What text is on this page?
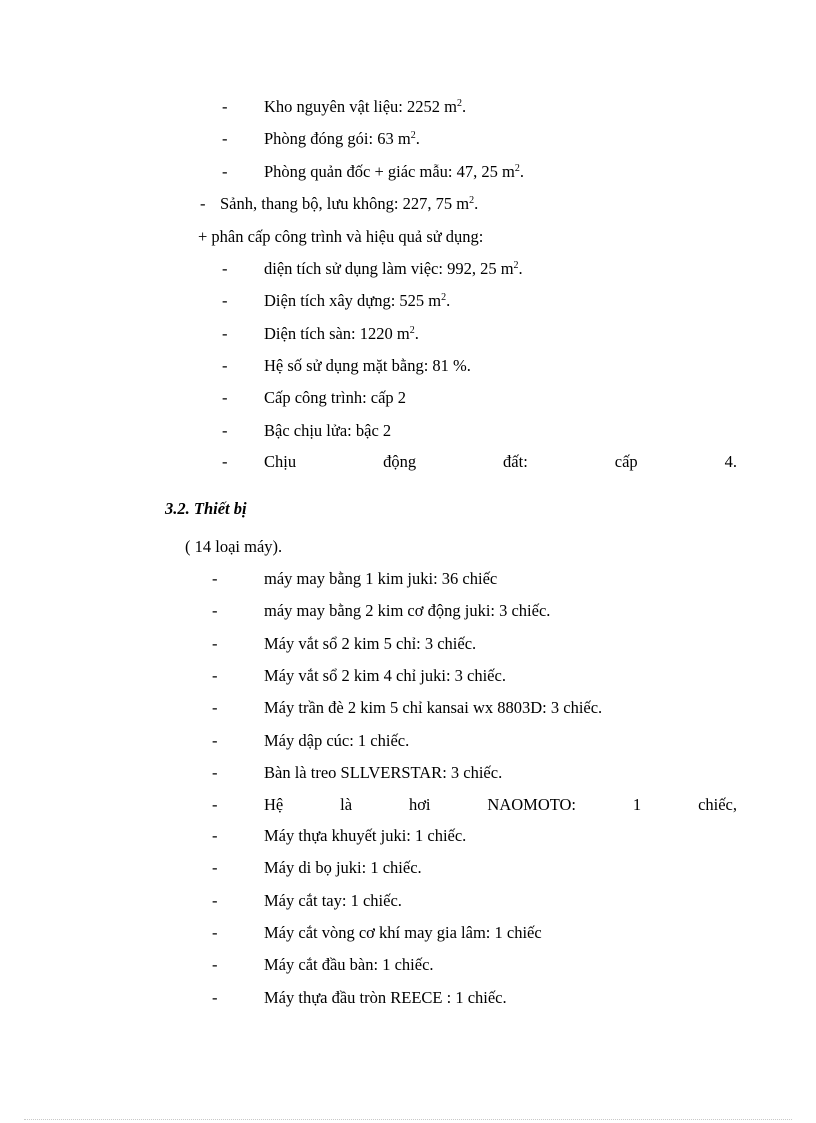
- Kho nguyên vật liệu: 2252 $m^2$.
- Phòng đóng gói: 63 $m^2$.
- Phòng quản đốc + giác mẫu: 47, 25 $m^2$.
- Sảnh, thang bộ, lưu không: 227, 75 $m^2$.
+ phân cấp công trình và hiệu quả sử dụng:
- diện tích sử dụng làm việc: 992, 25 $m^2$.
- Diện tích xây dựng: 525 $m^2$.
- Diện tích sàn: 1220 $m^2$.
- Hệ số sử dụng mặt bằng: 81 %.
- Cấp công trình: cấp 2
- Bậc chịu lửa: bậc 2
- Chịu	động	đất:	cấp	4.
3.2. Thiết bị
( 14 loại máy).
-	máy may bằng 1 kim juki: 36 chiếc
-	máy may bằng 2 kim cơ động juki: 3 chiếc.
-	Máy vắt sổ 2 kim 5 chỉ: 3 chiếc.
-	Máy vắt sổ 2 kim 4 chỉ juki: 3 chiếc.
-	Máy trần đè 2 kim 5 chỉ kansai wx 8803D: 3 chiếc.
-	Máy dập cúc: 1 chiếc.
-	Bàn là treo SLLVERSTAR: 3 chiếc.
-	Hệ	là	hơi	NAOMOTO:	1	chiếc,
-	Máy thựa khuyết juki: 1 chiếc.
-	Máy di bọ juki: 1 chiếc.
-	Máy cắt tay: 1 chiếc.
-	Máy cắt vòng cơ khí may gia lâm: 1 chiếc
-	Máy cắt đầu bàn: 1 chiếc.
-	Máy thựa đầu tròn REECE : 1 chiếc.
